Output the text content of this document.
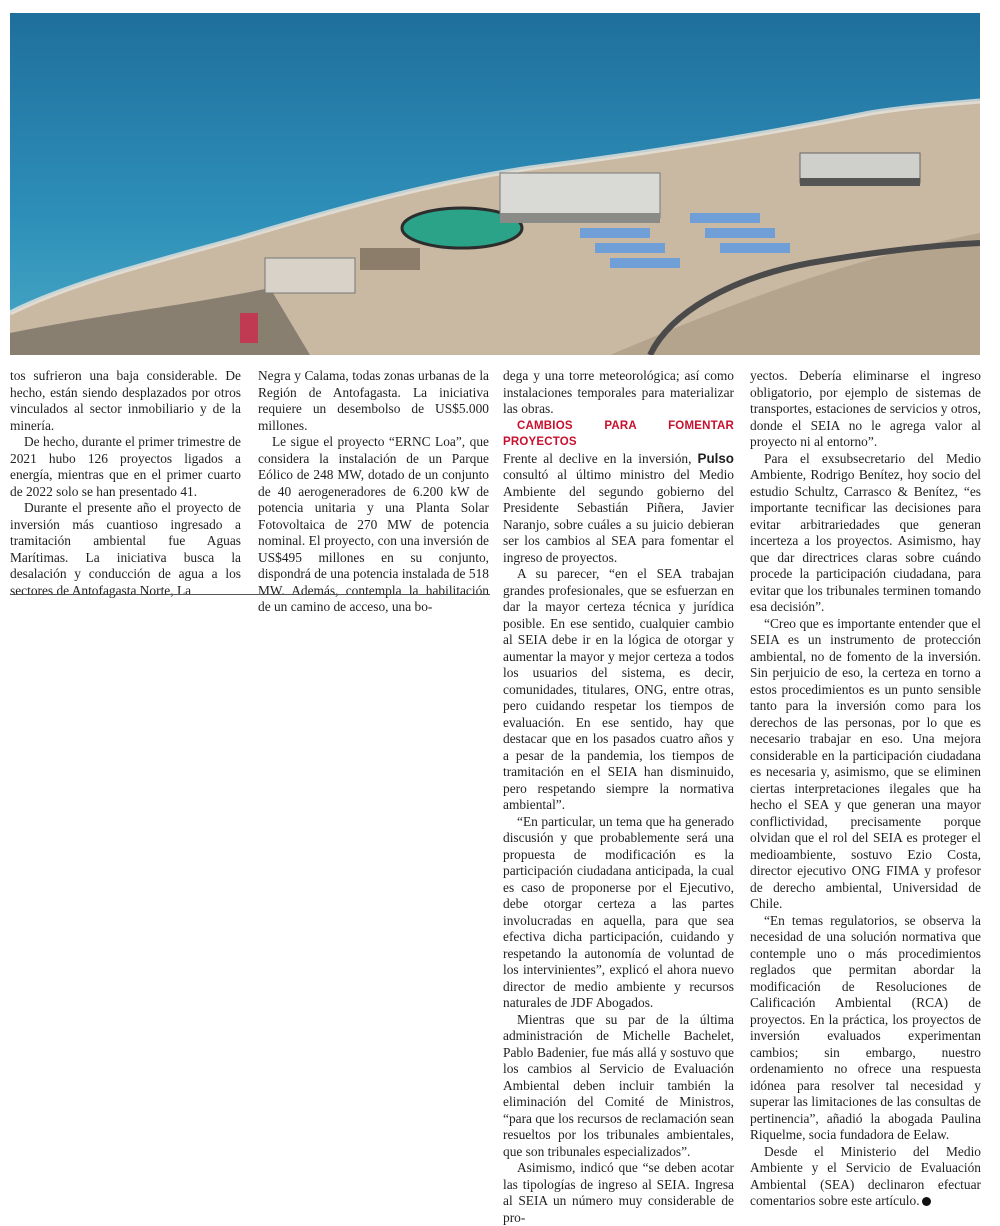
tos sufrieron una baja considerable. De hecho, están siendo desplazados por otros vinculados al sector inmobiliario y de la minería.

De hecho, durante el primer trimestre de 2021 hubo 126 proyectos ligados a energía, mientras que en el primer cuarto de 2022 solo se han presentado 41.

Durante el presente año el proyecto de inversión más cuantioso ingresado a tramitación ambiental fue Aguas Marítimas. La iniciativa busca la desalación y conducción de agua a los sectores de Antofagasta Norte, La

Negra y Calama, todas zonas urbanas de la Región de Antofagasta. La iniciativa requiere un desembolso de US$5.000 millones.

Le sigue el proyecto “ERNC Loa”, que considera la instalación de un Parque Eólico de 248 MW, dotado de un conjunto de 40 aerogeneradores de 6.200 kW de potencia unitaria y una Planta Solar Fotovoltaica de 270 MW de potencia nominal. El proyecto, con una inversión de US$495 millones en su conjunto, dispondrá de una potencia instalada de 518 MW. Además, contempla la habilitación de un camino de acceso, una bo-

dega y una torre meteorológica; así como instalaciones temporales para materializar las obras.

CAMBIOS PARA FOMENTAR PROYECTOS

Frente al declive en la inversión, Pulso consultó al último ministro del Medio Ambiente del segundo gobierno del Presidente Sebastián Piñera, Javier Naranjo, sobre cuáles a su juicio debieran ser los cambios al SEA para fomentar el ingreso de proyectos.

A su parecer, “en el SEA trabajan grandes profesionales, que se esfuerzan en dar la mayor certeza técnica y jurídica posible. En ese sentido, cualquier cambio al SEIA debe ir en la lógica de otorgar y aumentar la mayor y mejor certeza a todos los usuarios del sistema, es decir, comunidades, titulares, ONG, entre otras, pero cuidando respetar los tiempos de evaluación. En ese sentido, hay que destacar que en los pasados cuatro años y a pesar de la pandemia, los tiempos de tramitación en el SEIA han disminuido, pero respetando siempre la normativa ambiental”.

“En particular, un tema que ha generado discusión y que probablemente será una propuesta de modificación es la participación ciudadana anticipada, la cual es caso de proponerse por el Ejecutivo, debe otorgar certeza a las partes involucradas en aquella, para que sea efectiva dicha participación, cuidando y respetando la autonomía de voluntad de los intervinientes”, explicó el ahora nuevo director de medio ambiente y recursos naturales de JDF Abogados.

Mientras que su par de la última administración de Michelle Bachelet, Pablo Badenier, fue más allá y sostuvo que los cambios al Servicio de Evaluación Ambiental deben incluir también la eliminación del Comité de Ministros, “para que los recursos de reclamación sean resueltos por los tribunales ambientales, que son tribunales especializados”.

Asimismo, indicó que “se deben acotar las tipologías de ingreso al SEIA. Ingresa al SEIA un número muy considerable de pro-

yectos. Debería eliminarse el ingreso obligatorio, por ejemplo de sistemas de transportes, estaciones de servicios y otros, donde el SEIA no le agrega valor al proyecto ni al entorno”.

Para el exsubsecretario del Medio Ambiente, Rodrigo Benítez, hoy socio del estudio Schultz, Carrasco & Benítez, “es importante tecnificar las decisiones para evitar arbitrariedades que generan incerteza a los proyectos. Asimismo, hay que dar directrices claras sobre cuándo procede la participación ciudadana, para evitar que los tribunales terminen tomando esa decisión”.

“Creo que es importante entender que el SEIA es un instrumento de protección ambiental, no de fomento de la inversión. Sin perjuicio de eso, la certeza en torno a estos procedimientos es un punto sensible tanto para la inversión como para los derechos de las personas, por lo que es necesario trabajar en eso. Una mejora considerable en la participación ciudadana es necesaria y, asimismo, que se eliminen ciertas interpretaciones ilegales que ha hecho el SEA y que generan una mayor conflictividad, precisamente porque olvidan que el rol del SEIA es proteger el medioambiente, sostuvo Ezio Costa, director ejecutivo ONG FIMA y profesor de derecho ambiental, Universidad de Chile.

“En temas regulatorios, se observa la necesidad de una solución normativa que contemple uno o más procedimientos reglados que permitan abordar la modificación de Resoluciones de Calificación Ambiental (RCA) de proyectos. En la práctica, los proyectos de inversión evaluados experimentan cambios; sin embargo, nuestro ordenamiento no ofrece una respuesta idónea para resolver tal necesidad y superar las limitaciones de las consultas de pertinencia”, añadió la abogada Paulina Riquelme, socia fundadora de Eelaw.

Desde el Ministerio del Medio Ambiente y el Servicio de Evaluación Ambiental (SEA) declinaron efectuar comentarios sobre este artículo.
